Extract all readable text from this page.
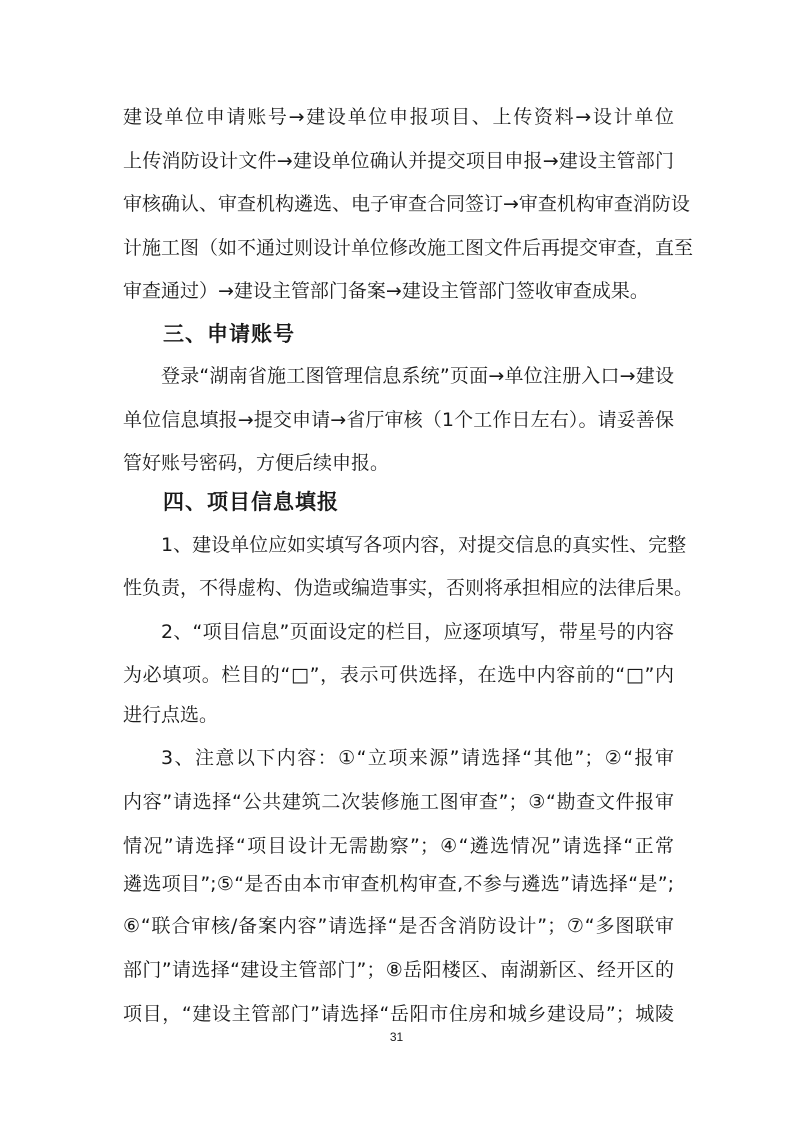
建设单位申请账号→建设单位申报项目、上传资料→设计单位
上传消防设计文件→建设单位确认并提交项目申报→建设主管部门
审核确认、审查机构遴选、电子审查合同签订→审查机构审查消防设
计施工图（如不通过则设计单位修改施工图文件后再提交审查，直至
审查通过）→建设主管部门备案→建设主管部门签收审查成果。
三、申请账号
登录“湖南省施工图管理信息系统”页面→单位注册入口→建设
单位信息填报→提交申请→省厅审核（1个工作日左右）。请妥善保
管好账号密码，方便后续申报。
四、项目信息填报
1、建设单位应如实填写各项内容，对提交信息的真实性、完整
性负责，不得虚构、伪造或编造事实，否则将承担相应的法律后果。
2、“项目信息”页面设定的栏目，应逐项填写，带星号的内容
为必填项。栏目的“□”，表示可供选择，在选中内容前的“□”内
进行点选。
3、注意以下内容：①“立项来源”请选择“其他”；②“报审
内容”请选择“公共建筑二次装修施工图审查”；③“勘查文件报审
情况”请选择“项目设计无需勘察”；④“遴选情况”请选择“正常
遴选项目”;⑤“是否由本市审查机构审查,不参与遴选”请选择“是”;
⑥“联合审核/备案内容”请选择“是否含消防设计”；⑦“多图联审
部门”请选择“建设主管部门”；⑧岳阳楼区、南湖新区、经开区的
项目，“建设主管部门”请选择“岳阳市住房和城乡建设局”；城陵
31
